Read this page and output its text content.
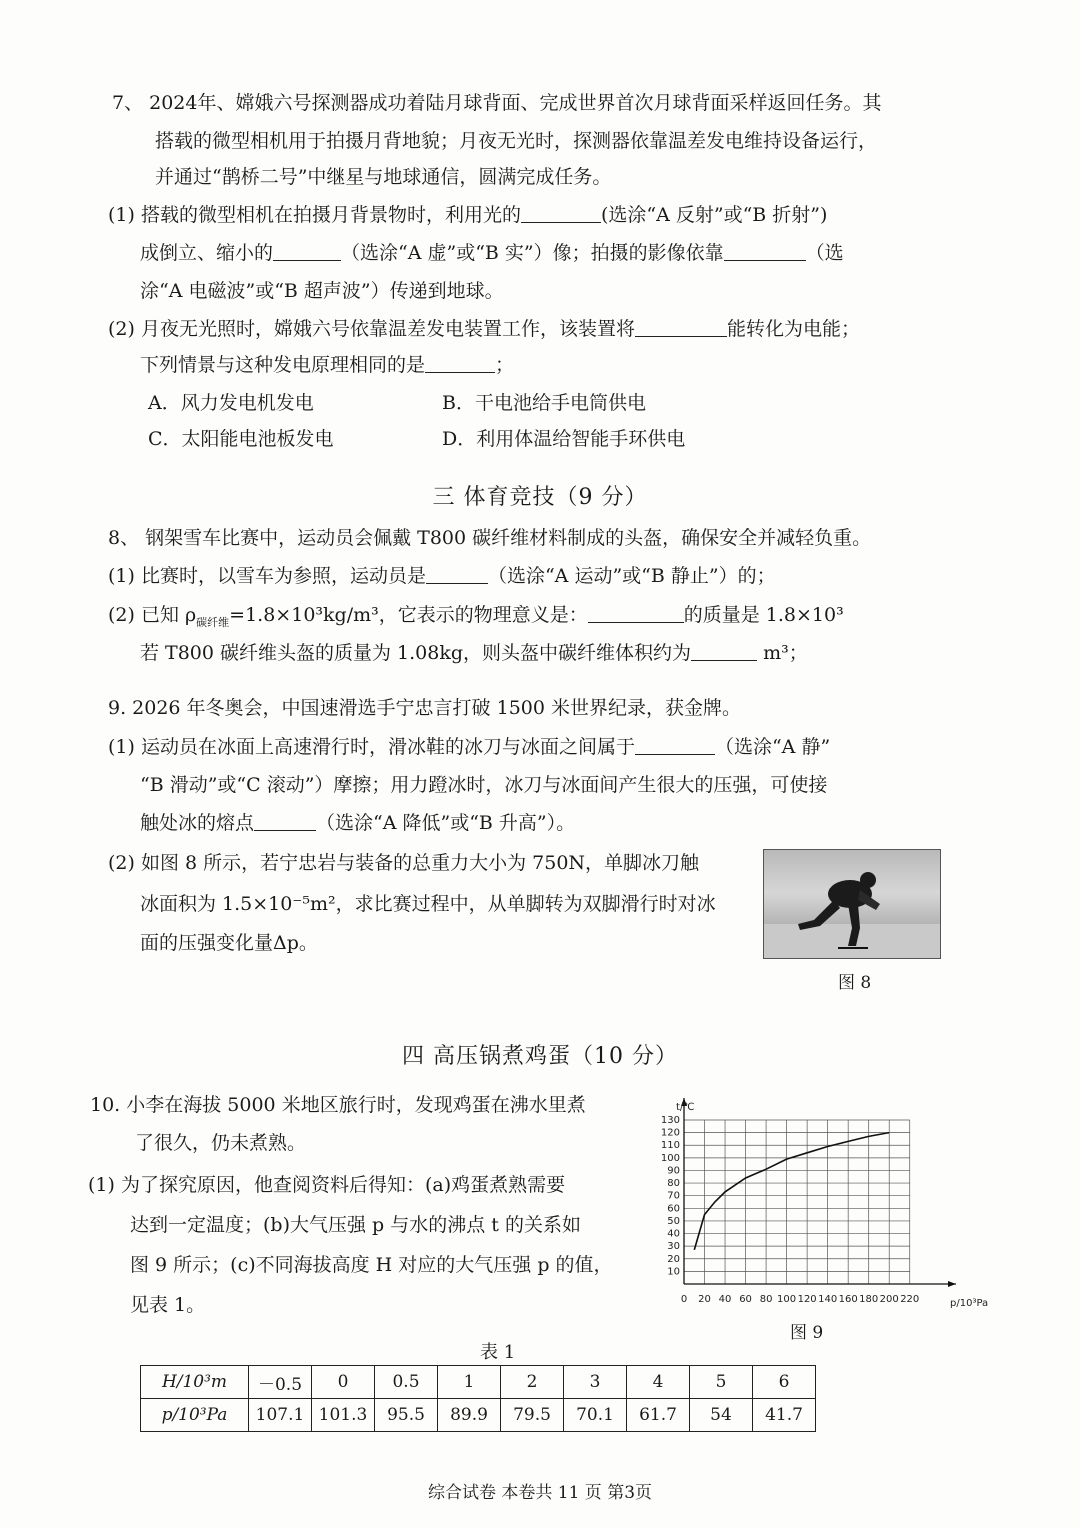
7、 2024年、嫦娥六号探测器成功着陆月球背面、完成世界首次月球背面采样返回任务。其
搭载的微型相机用于拍摄月背地貌；月夜无光时，探测器依靠温差发电维持设备运行，
并通过“鹊桥二号”中继星与地球通信，圆满完成任务。
(1) 搭载的微型相机在拍摄月背景物时，利用光的	(选涂“A 反射”或“B 折射”)
成倒立、缩小的	（选涂“A 虚”或“B 实”）像；拍摄的影像依靠	（选
涂“A 电磁波”或“B 超声波”）传递到地球。
(2) 月夜无光照时，嫦娥六号依靠温差发电装置工作，该装置将	能转化为电能；
下列情景与这种发电原理相同的是	；
A．风力发电机发电	B．干电池给手电筒供电
C．太阳能电池板发电	D．利用体温给智能手环供电
三 体育竞技（9 分）
8、 钢架雪车比赛中，运动员会佩戴 T800 碳纤维材料制成的头盔，确保安全并减轻负重。
(1) 比赛时，以雪车为参照，运动员是	（选涂“A 运动”或“B 静止”）的；
(2) 已知 $\rho_{碳纤维}=1.8\times 10^3kg/m^3$，它表示的物理意义是：	的质量是 1.8×10³
若 T800 碳纤维头盔的质量为 1.08kg，则头盔中碳纤维体积约为	m³；
9. 2026 年冬奥会，中国速滑选手宁忠言打破 1500 米世界纪录，获金牌。
(1) 运动员在冰面上高速滑行时，滑冰鞋的冰刀与冰面之间属于	（选涂“A 静”
“B 滑动”或“C 滚动”）摩擦；用力蹬冰时，冰刀与冰面间产生很大的压强，可使接
触处冰的熔点	（选涂“A 降低”或“B 升高”）。
(2) 如图 8 所示，若宁忠岩与装备的总重力大小为 750N，单脚冰刀触
冰面积为 1.5×10⁻⁵m²，求比赛过程中，从单脚转为双脚滑行时对冰
面的压强变化量Δp。
图 8
四 高压锅煮鸡蛋（10 分）
10. 小李在海拔 5000 米地区旅行时，发现鸡蛋在沸水里煮
了很久，仍未煮熟。
(1) 为了探究原因，他查阅资料后得知：(a)鸡蛋煮熟需要
达到一定温度；(b)大气压强 p 与水的沸点 t 的关系如
图 9 所示；(c)不同海拔高度 H 对应的大气压强 p 的值，
见表 1。
10
20
30
40
50
60
70
80
90
100
110
120
130
0 20 40 60 80 100 120 140 160 180 200 220
t/℃
p/10³Pa
图 9
表 1
H/10³m	－0.5	0	0.5	1	2	3	4	5	6
p/10³Pa	107.1	101.3	95.5	89.9	79.5	70.1	61.7	54	41.7
综合试卷 本卷共 11 页 第3页
